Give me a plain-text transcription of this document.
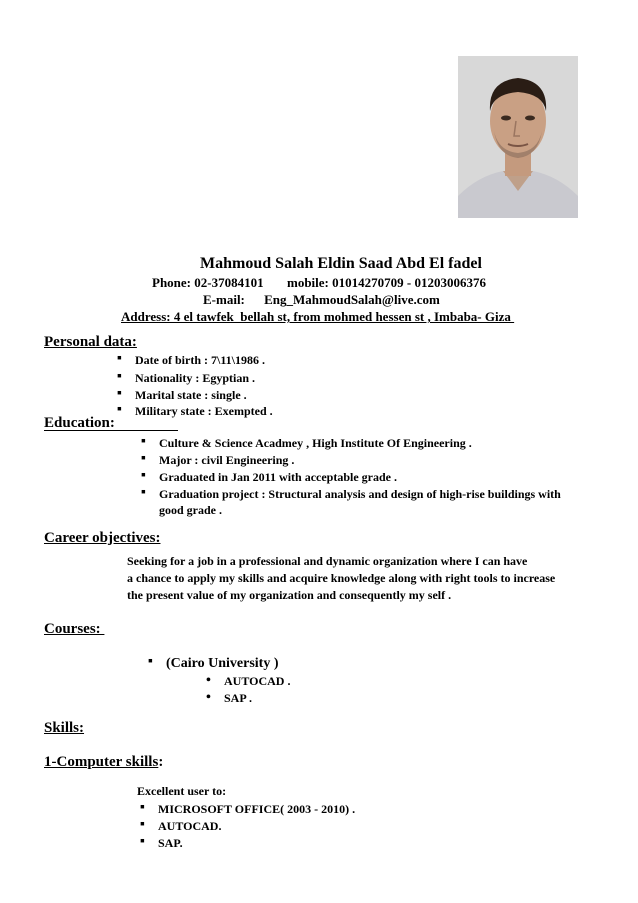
Mahmoud Salah Eldin Saad Abd El fadel
Phone: 02-37084101 mobile: 01014270709 - 01203006376
E-mail: Eng_MahmoudSalah@live.com
Address: 4 el tawfek  bellah st, from mohmed hessen st , Imbaba- Giza
Personal data:
▪ Date of birth : 7\11\1986 .
▪ Nationality : Egyptian .
▪ Marital state : single .
▪ Military state : Exempted .
Education:
▪ Culture & Science Acadmey , High Institute Of Engineering .
▪ Major : civil Engineering .
▪ Graduated in Jan 2011 with acceptable grade .
▪ Graduation project : Structural analysis and design of high-rise buildings with
good grade .
Career objectives:
Seeking for a job in a professional and dynamic organization where I can have
a chance to apply my skills and acquire knowledge along with right tools to increase
the present value of my organization and consequently my self .
Courses:
▪ (Cairo University )
• AUTOCAD .
• SAP .
Skills:
1-Computer skills:
Excellent user to:
▪ MICROSOFT OFFICE( 2003 - 2010) .
▪ AUTOCAD.
▪ SAP.
